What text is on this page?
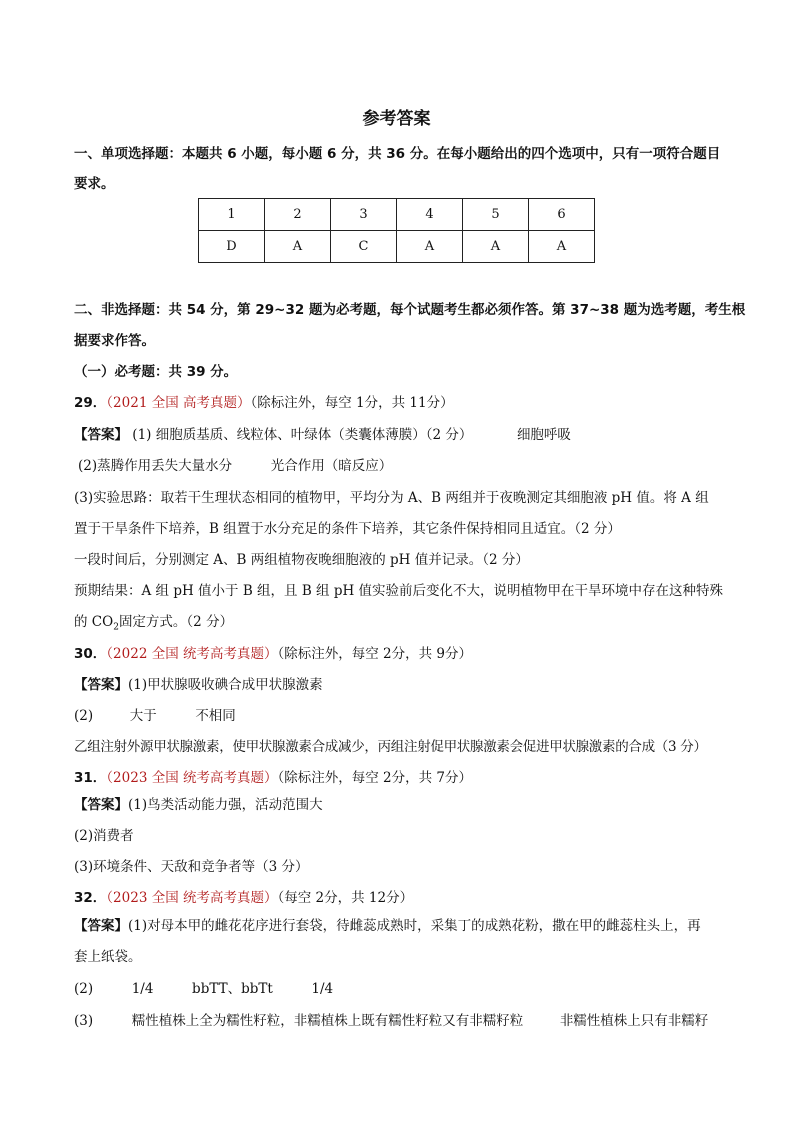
参考答案
一、单项选择题：本题共 6 小题，每小题 6 分，共 36 分。在每小题给出的四个选项中，只有一项符合题目
要求。
1	2	3	4	5	6
D	A	C	A	A	A
二、非选择题：共 54 分，第 29~32 题为必考题，每个试题考生都必须作答。第 37~38 题为选考题，考生根
据要求作答。
（一）必考题：共 39 分。
29．（2021 全国 高考真题）（除标注外，每空 1分，共 11分）
【答案】 (1) 细胞质基质、线粒体、叶绿体（类囊体薄膜）（2 分）	细胞呼吸
(2)蒸腾作用丢失大量水分	光合作用（暗反应）
(3)实验思路：取若干生理状态相同的植物甲，平均分为 A、B 两组并于夜晚测定其细胞液 pH 值。将 A 组
置于干旱条件下培养，B 组置于水分充足的条件下培养，其它条件保持相同且适宜。（2 分）
一段时间后，分别测定 A、B 两组植物夜晚细胞液的 pH 值并记录。（2 分）
预期结果：A 组 pH 值小于 B 组，且 B 组 pH 值实验前后变化不大，说明植物甲在干旱环境中存在这种特殊
的 $CO_2$固定方式。（2 分）
30．（2022 全国 统考高考真题）（除标注外，每空 2分，共 9分）
【答案】(1)甲状腺吸收碘合成甲状腺激素
(2)	大于	不相同
乙组注射外源甲状腺激素，使甲状腺激素合成减少，丙组注射促甲状腺激素会促进甲状腺激素的合成（3 分）
31．（2023 全国 统考高考真题）（除标注外，每空 2分，共 7分）
【答案】(1)鸟类活动能力强，活动范围大
(2)消费者
(3)环境条件、天敌和竞争者等（3 分）
32．（2023 全国 统考高考真题）（每空 2分，共 12分）
【答案】(1)对母本甲的雌花花序进行套袋，待雌蕊成熟时，采集丁的成熟花粉，撒在甲的雌蕊柱头上，再
套上纸袋。
(2)	1/4	bbTT、bbTt	1/4
(3)	糯性植株上全为糯性籽粒，非糯植株上既有糯性籽粒又有非糯籽粒	非糯性植株上只有非糯籽
